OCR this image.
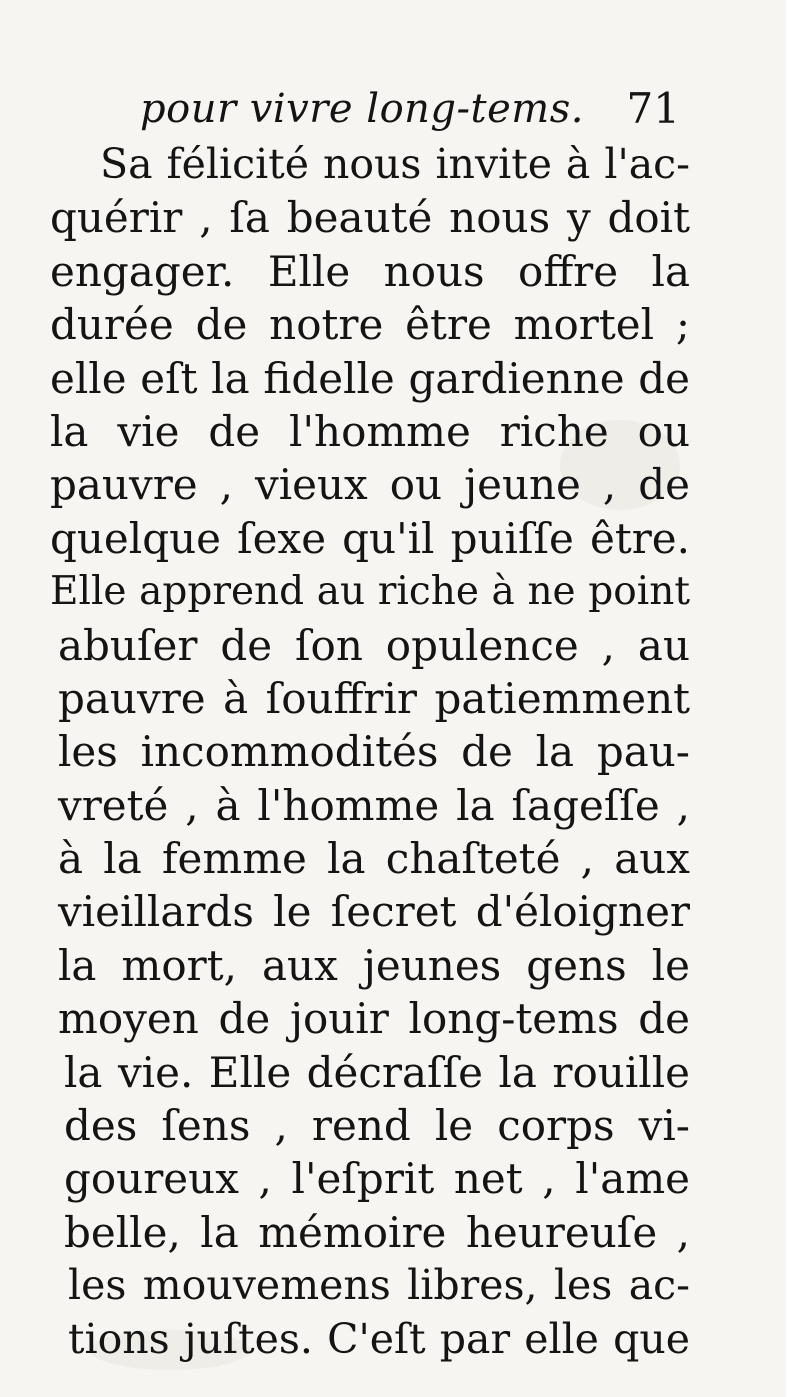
pour vivre long-tems. 71
Sa félicité nous invite à l'ac-
quérir , ſa beauté nous y doit
engager. Elle nous offre la
durée de notre être mortel ;
elle eſt la fidelle gardienne de
la vie de l'homme riche ou
pauvre , vieux ou jeune , de
quelque ſexe qu'il puiſſe être.
Elle apprend au riche à ne point
abuſer de ſon opulence , au
pauvre à ſouffrir patiemment
les incommodités de la pau-
vreté , à l'homme la ſageſſe ,
à la femme la chaſteté , aux
vieillards le ſecret d'éloigner
la mort, aux jeunes gens le
moyen de jouir long-tems de
la vie. Elle décraſſe la rouille
des ſens , rend le corps vi-
goureux , l'eſprit net , l'ame
belle, la mémoire heureuſe ,
les mouvemens libres, les ac-
tions juſtes. C'eſt par elle que
